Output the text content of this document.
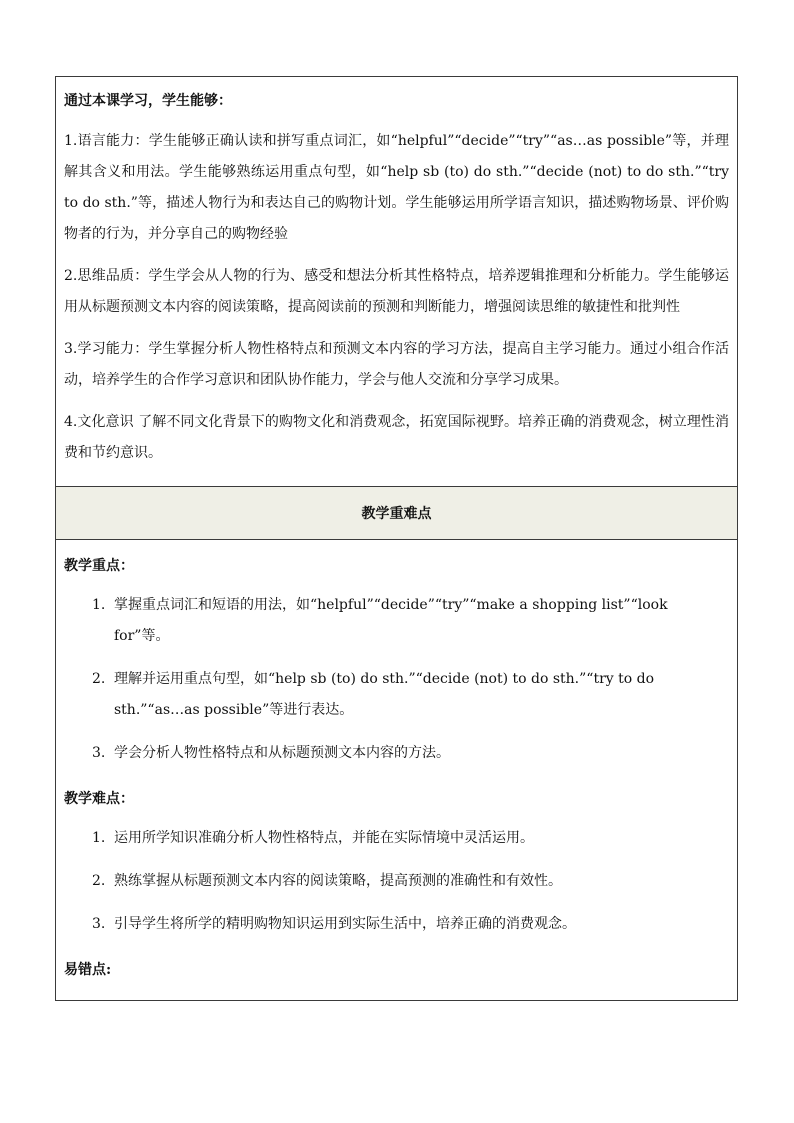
通过本课学习，学生能够：

1.语言能力：学生能够正确认读和拼写重点词汇，如“helpful”“decide”“try”“as…as possible”等，并理解其含义和用法。学生能够熟练运用重点句型，如“help sb (to) do sth.”“decide (not) to do sth.”“try to do sth.”等，描述人物行为和表达自己的购物计划。学生能够运用所学语言知识，描述购物场景、评价购物者的行为，并分享自己的购物经验

2.思维品质：学生学会从人物的行为、感受和想法分析其性格特点，培养逻辑推理和分析能力。学生能够运用从标题预测文本内容的阅读策略，提高阅读前的预测和判断能力，增强阅读思维的敏捷性和批判性

3.学习能力：学生掌握分析人物性格特点和预测文本内容的学习方法，提高自主学习能力。通过小组合作活动，培养学生的合作学习意识和团队协作能力，学会与他人交流和分享学习成果。

4.文化意识 了解不同文化背景下的购物文化和消费观念，拓宽国际视野。培养正确的消费观念，树立理性消费和节约意识。

教学重难点

教学重点：

1. 掌握重点词汇和短语的用法，如“helpful”“decide”“try”“make a shopping list”“look for”等。
2. 理解并运用重点句型，如“help sb (to) do sth.”“decide (not) to do sth.”“try to do sth.”“as…as possible”等进行表达。
3. 学会分析人物性格特点和从标题预测文本内容的方法。

教学难点：

1. 运用所学知识准确分析人物性格特点，并能在实际情境中灵活运用。
2. 熟练掌握从标题预测文本内容的阅读策略，提高预测的准确性和有效性。
3. 引导学生将所学的精明购物知识运用到实际生活中，培养正确的消费观念。

易错点:
